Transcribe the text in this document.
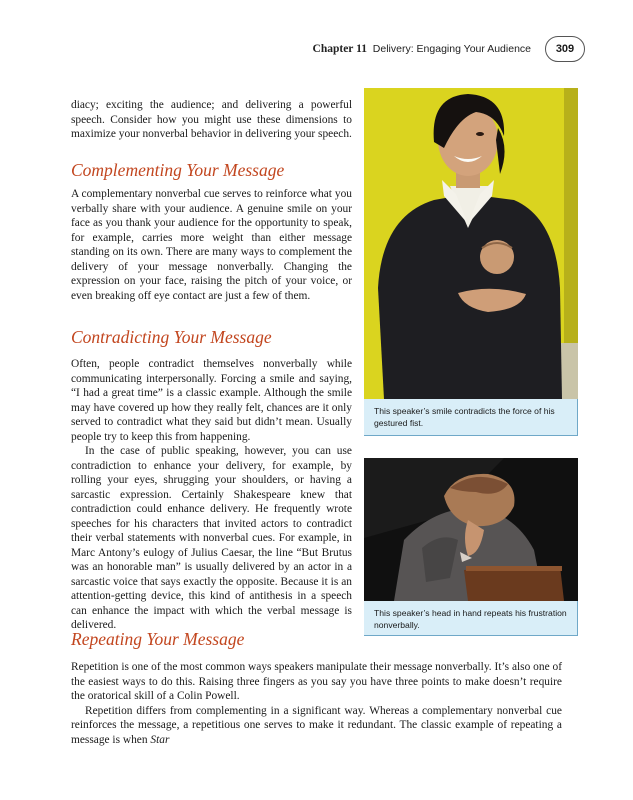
Chapter 11 Delivery: Engaging Your Audience	309

diacy; exciting the audience; and delivering a powerful speech. Consider how you might use these dimensions to maximize your nonverbal behavior in delivering your speech.

Complementing Your Message

A complementary nonverbal cue serves to reinforce what you verbally share with your audience. A genuine smile on your face as you thank your audience for the opportunity to speak, for example, carries more weight than either message standing on its own. There are many ways to complement the delivery of your message nonverbally. Changing the expression on your face, raising the pitch of your voice, or even breaking off eye contact are just a few of them.

Contradicting Your Message

Often, people contradict themselves nonverbally while communicating interpersonally. Forcing a smile and saying, “I had a great time” is a classic example. Although the smile may have covered up how they really felt, chances are it only served to contradict what they said but didn’t mean. Usually people try to keep this from happening.

In the case of public speaking, however, you can use contradiction to enhance your delivery, for example, by rolling your eyes, shrugging your shoulders, or having a sarcastic expression. Certainly Shakespeare knew that contradiction could enhance delivery. He frequently wrote speeches for his characters that invited actors to contradict their verbal statements with nonverbal cues. For example, in Marc Antony’s eulogy of Julius Caesar, the line “But Brutus was an honorable man” is usually delivered by an actor in a sarcastic voice that says exactly the opposite. Because it is an attention-getting device, this kind of antithesis in a speech can enhance the impact with which the verbal message is delivered.

Repeating Your Message

Repetition is one of the most common ways speakers manipulate their message nonverbally. It’s also one of the easiest ways to do this. Raising three fingers as you say you have three points to make doesn’t require the oratorical skill of a Colin Powell.

Repetition differs from complementing in a significant way. Whereas a complementary nonverbal cue reinforces the message, a repetitious one serves to make it redundant. The classic example of repeating a message is when Star

This speaker’s smile contradicts the force of his gestured fist.
This speaker’s head in hand repeats his frustration nonverbally.
